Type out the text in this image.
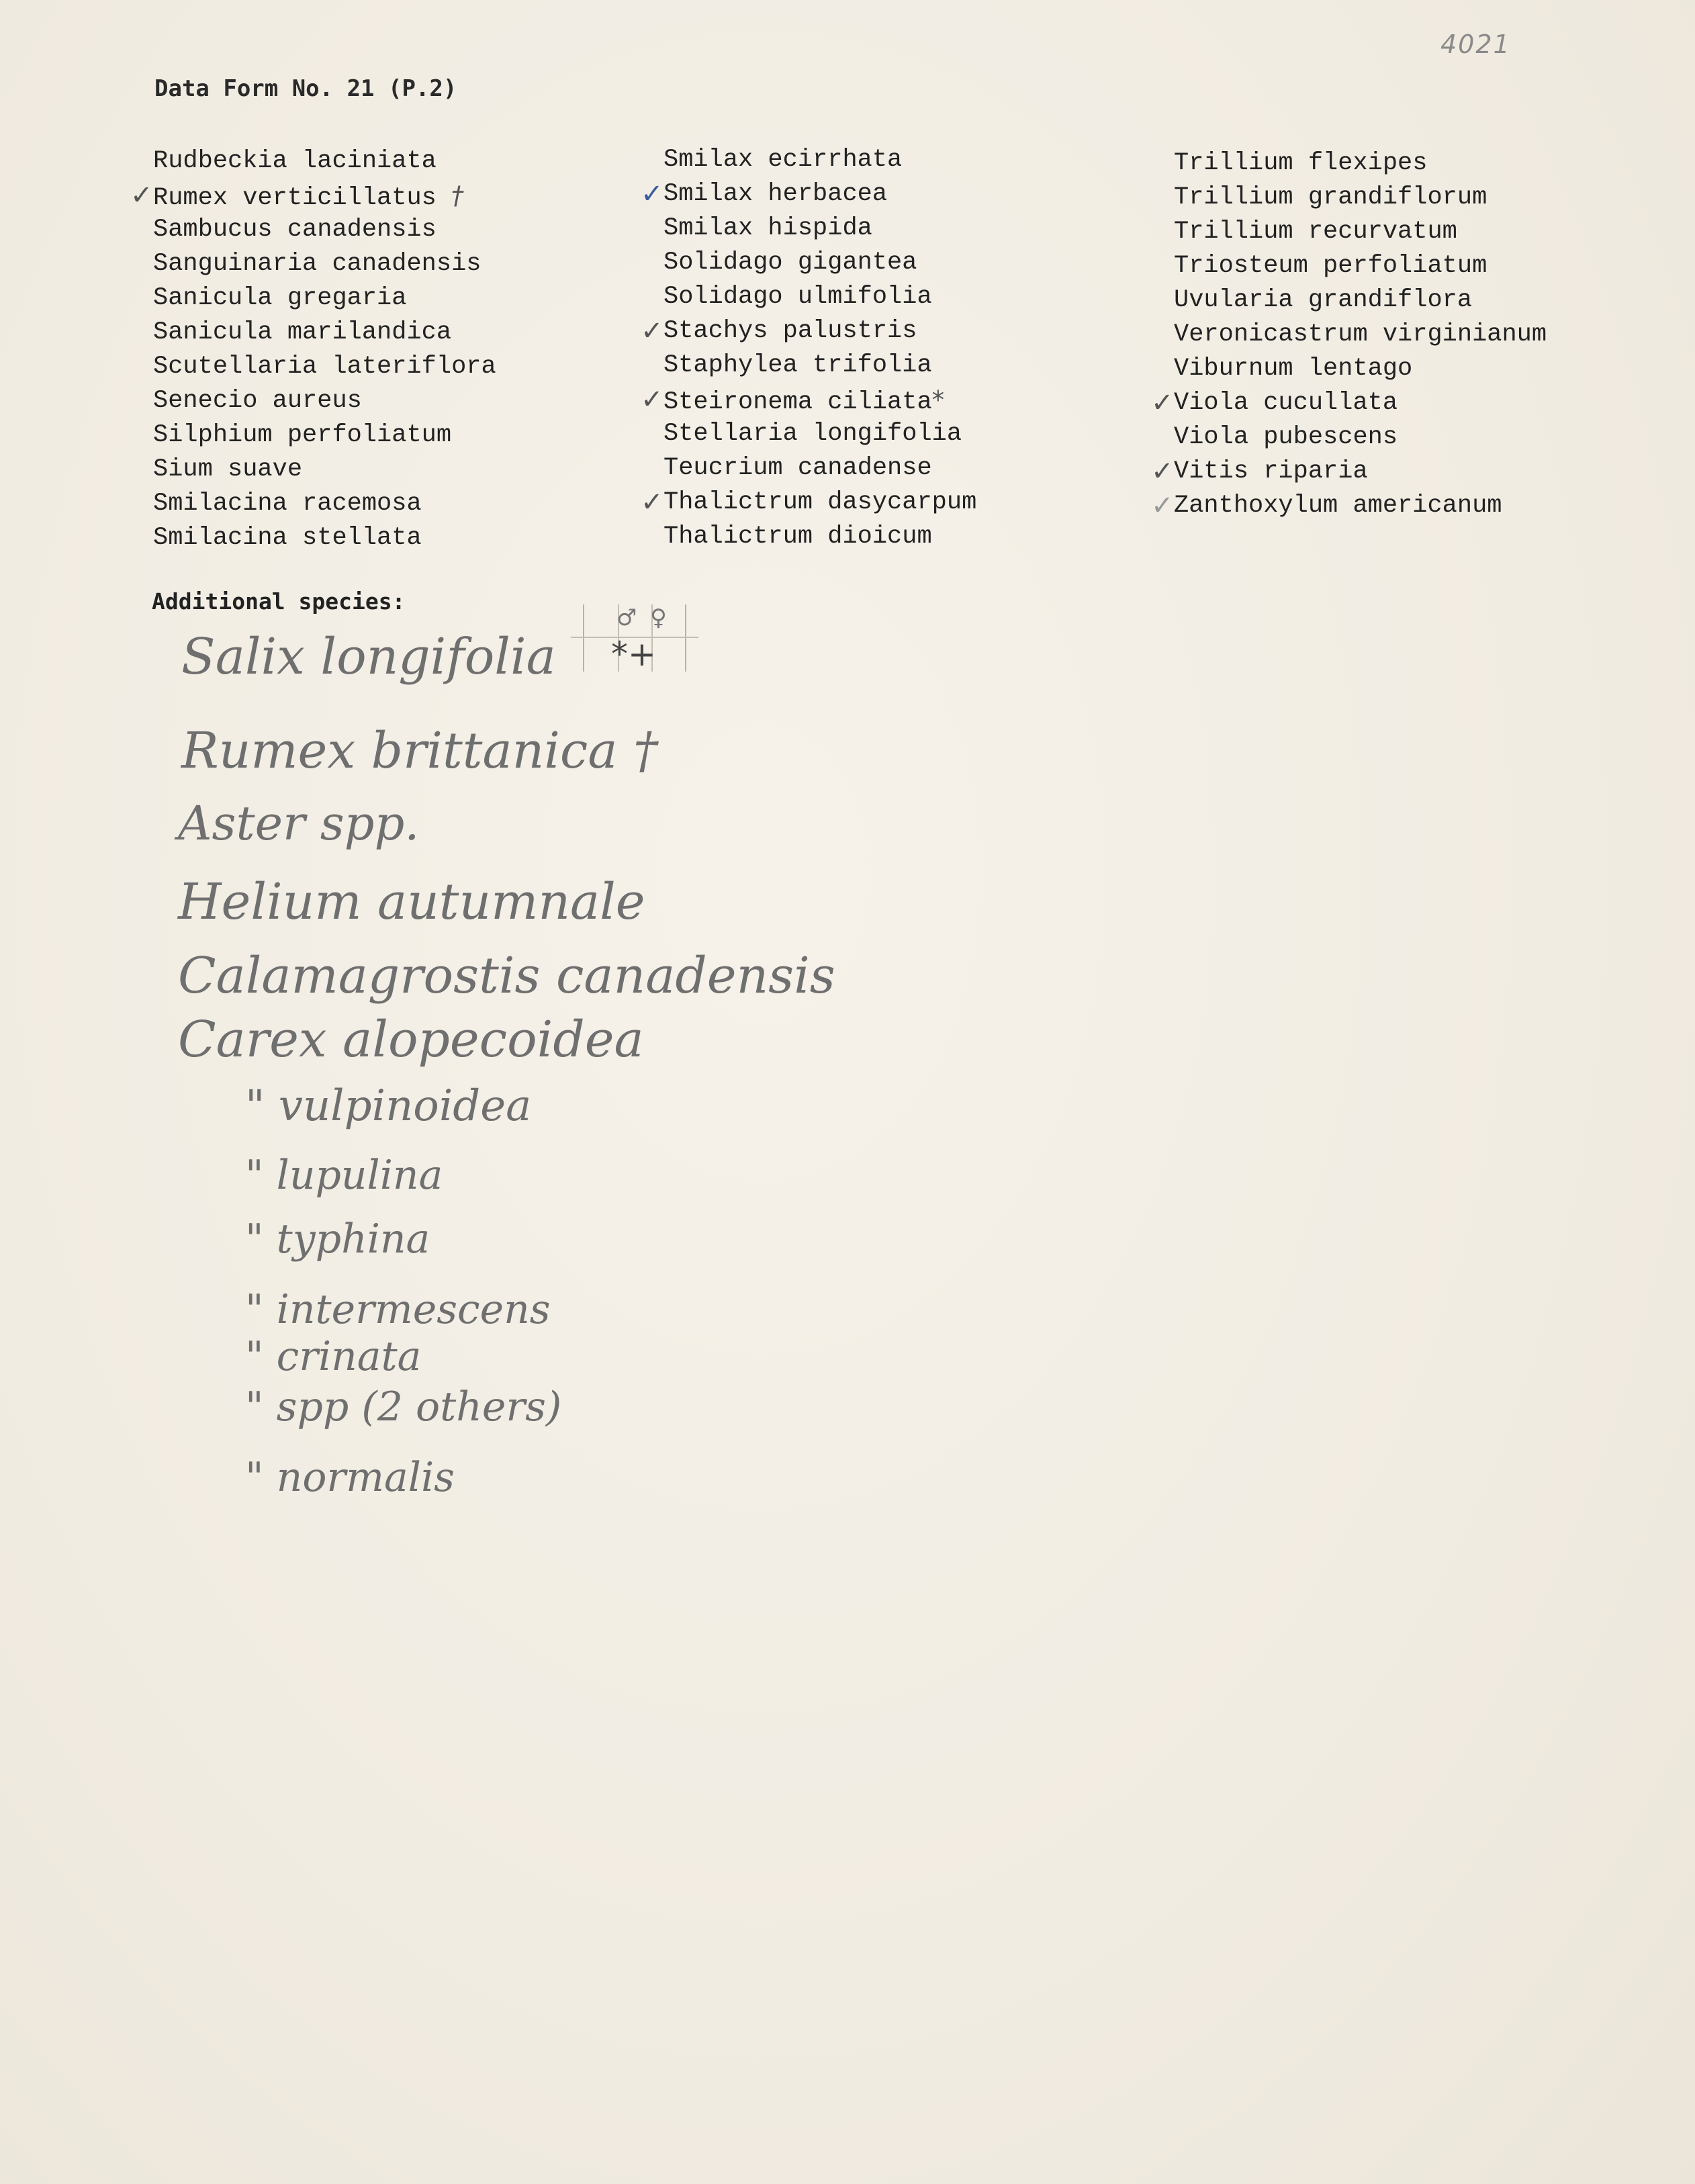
4021
Data Form No. 21 (P.2)
Rudbeckia laciniata
✓ Rumex verticillatus †
Sambucus canadensis
Sanguinaria canadensis
Sanicula gregaria
Sanicula marilandica
Scutellaria lateriflora
Senecio aureus
Silphium perfoliatum
Sium suave
Smilacina racemosa
Smilacina stellata
Smilax ecirrhata
✓ Smilax herbacea
Smilax hispida
Solidago gigantea
Solidago ulmifolia
✓ Stachys palustris
Staphylea trifolia
✓ Steironema ciliata*
Stellaria longifolia
Teucrium canadense
✓ Thalictrum dasycarpum
Thalictrum dioicum
Trillium flexipes
Trillium grandiflorum
Trillium recurvatum
Triosteum perfoliatum
Uvularia grandiflora
Veronicastrum virginianum
Viburnum lentago
✓ Viola cucullata
Viola pubescens
✓ Vitis riparia
✓ Zanthoxylum americanum
Additional species:
♂ ♀
*+
Salix longifolia
Rumex brittanica †
Aster spp.
Helium autumnale
Calamagrostis canadensis
Carex alopecoidea
" vulpinoidea
" lupulina
" typhina
" intermescens
" crinata
" spp (2 others)
" normalis
